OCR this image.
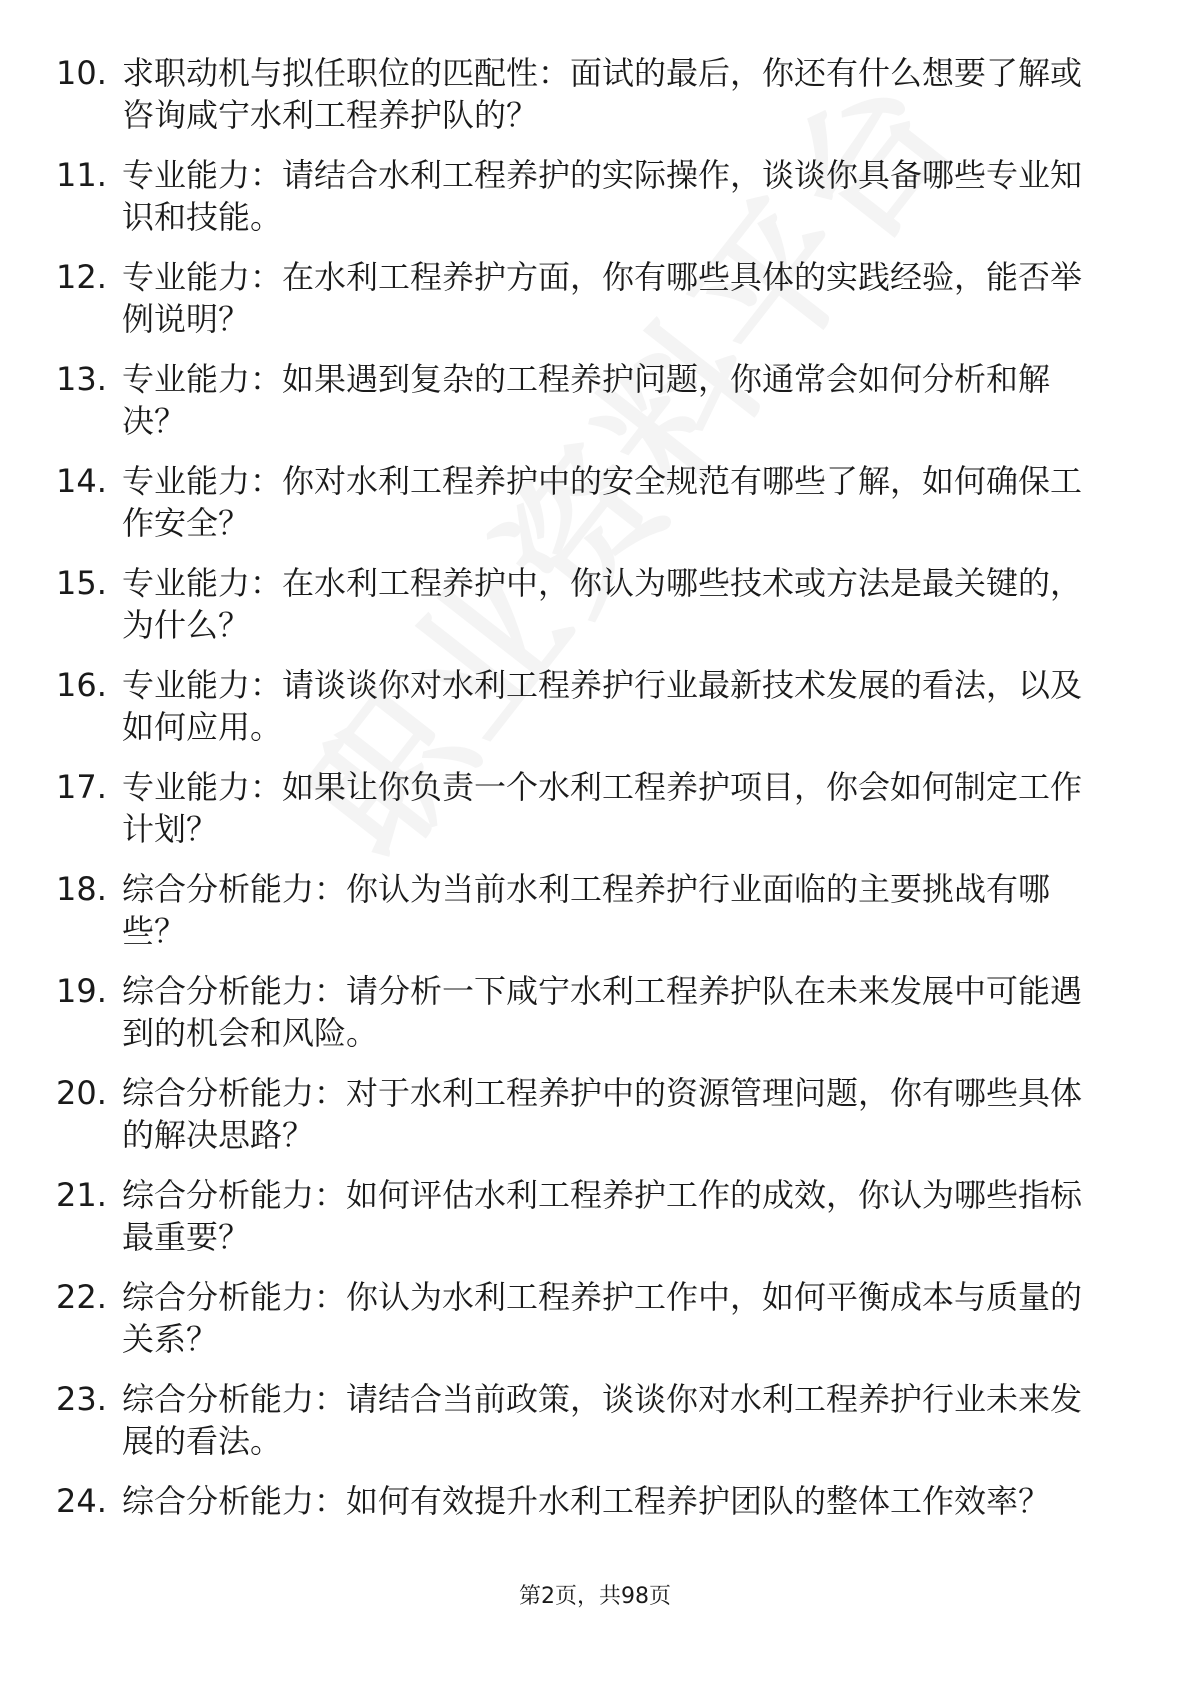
10. 求职动机与拟任职位的匹配性：面试的最后，你还有什么想要了解或咨询咸宁水利工程养护队的？
11. 专业能力：请结合水利工程养护的实际操作，谈谈你具备哪些专业知识和技能。
12. 专业能力：在水利工程养护方面，你有哪些具体的实践经验，能否举例说明？
13. 专业能力：如果遇到复杂的工程养护问题，你通常会如何分析和解决？
14. 专业能力：你对水利工程养护中的安全规范有哪些了解，如何确保工作安全？
15. 专业能力：在水利工程养护中，你认为哪些技术或方法是最关键的，为什么？
16. 专业能力：请谈谈你对水利工程养护行业最新技术发展的看法，以及如何应用。
17. 专业能力：如果让你负责一个水利工程养护项目，你会如何制定工作计划？
18. 综合分析能力：你认为当前水利工程养护行业面临的主要挑战有哪些？
19. 综合分析能力：请分析一下咸宁水利工程养护队在未来发展中可能遇到的机会和风险。
20. 综合分析能力：对于水利工程养护中的资源管理问题，你有哪些具体的解决思路？
21. 综合分析能力：如何评估水利工程养护工作的成效，你认为哪些指标最重要？
22. 综合分析能力：你认为水利工程养护工作中，如何平衡成本与质量的关系？
23. 综合分析能力：请结合当前政策，谈谈你对水利工程养护行业未来发展的看法。
24. 综合分析能力：如何有效提升水利工程养护团队的整体工作效率？
第2页，共98页
